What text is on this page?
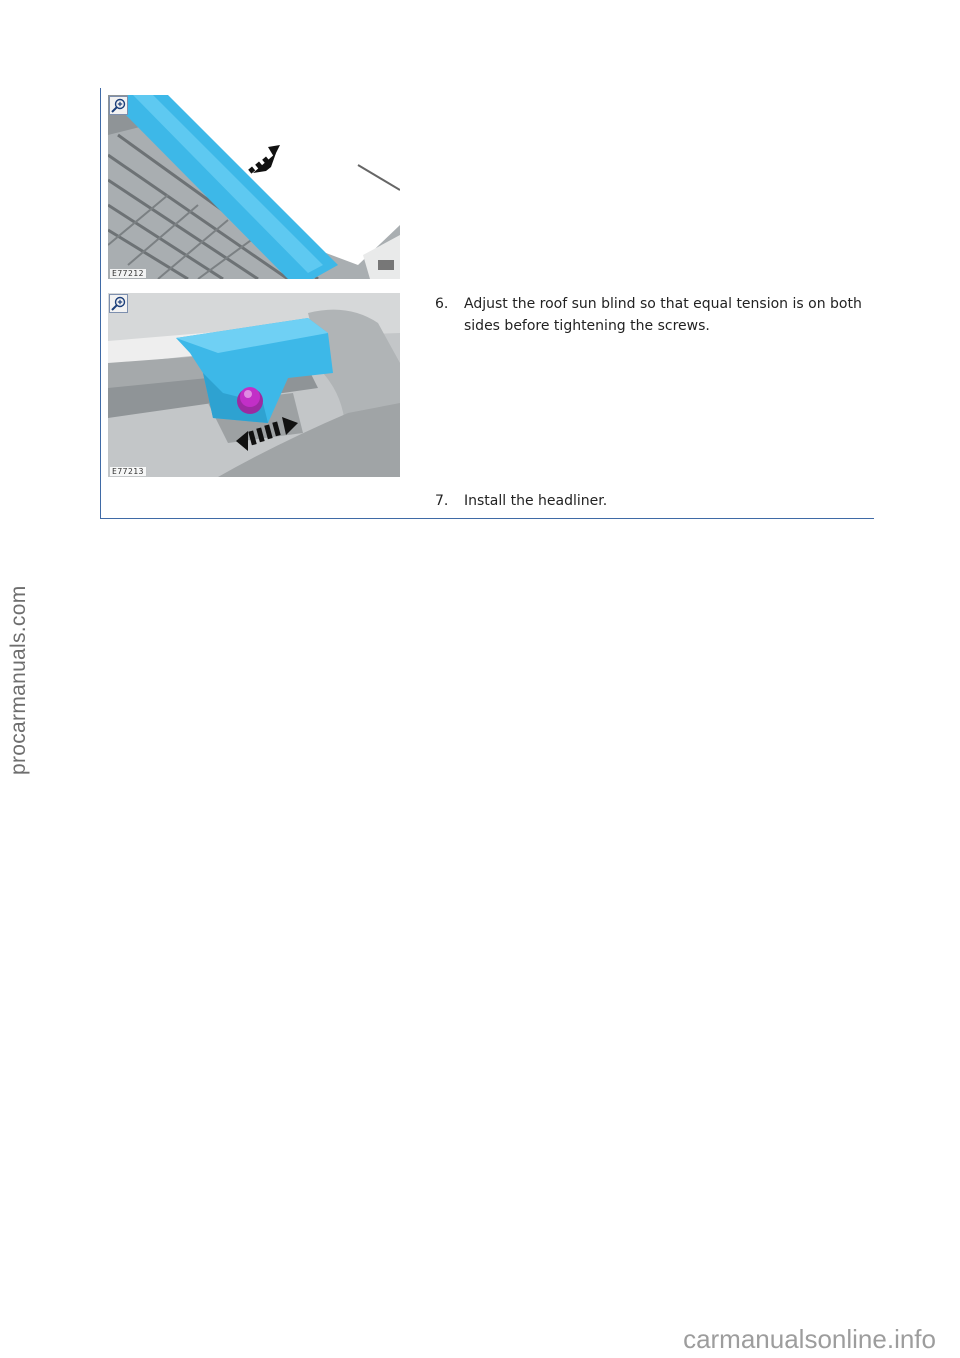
E77212
E77213
6. Adjust the roof sun blind so that equal tension is on both sides before tightening the screws.
7. Install the headliner.
procarmanuals.com
carmanualsonline.info
